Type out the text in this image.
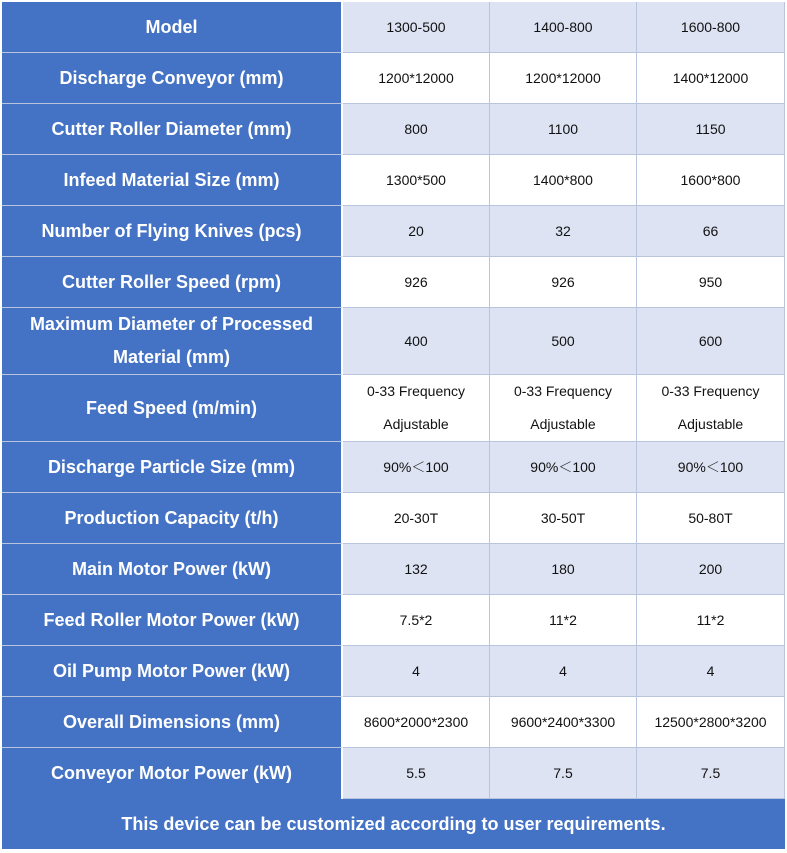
Model	1300-500	1400-800	1600-800
Discharge Conveyor (mm)	1200*12000	1200*12000	1400*12000
Cutter Roller Diameter (mm)	800	1100	1150
Infeed Material Size (mm)	1300*500	1400*800	1600*800
Number of Flying Knives (pcs)	20	32	66
Cutter Roller Speed (rpm)	926	926	950
Maximum Diameter of Processed Material (mm)	400	500	600
Feed Speed (m/min)	0-33 Frequency Adjustable	0-33 Frequency Adjustable	0-33 Frequency Adjustable
Discharge Particle Size (mm)	90%＜100	90%＜100	90%＜100
Production Capacity (t/h)	20-30T	30-50T	50-80T
Main Motor Power (kW)	132	180	200
Feed Roller Motor Power (kW)	7.5*2	11*2	11*2
Oil Pump Motor Power (kW)	4	4	4
Overall Dimensions (mm)	8600*2000*2300	9600*2400*3300	12500*2800*3200
Conveyor Motor Power (kW)	5.5	7.5	7.5
This device can be customized according to user requirements.
